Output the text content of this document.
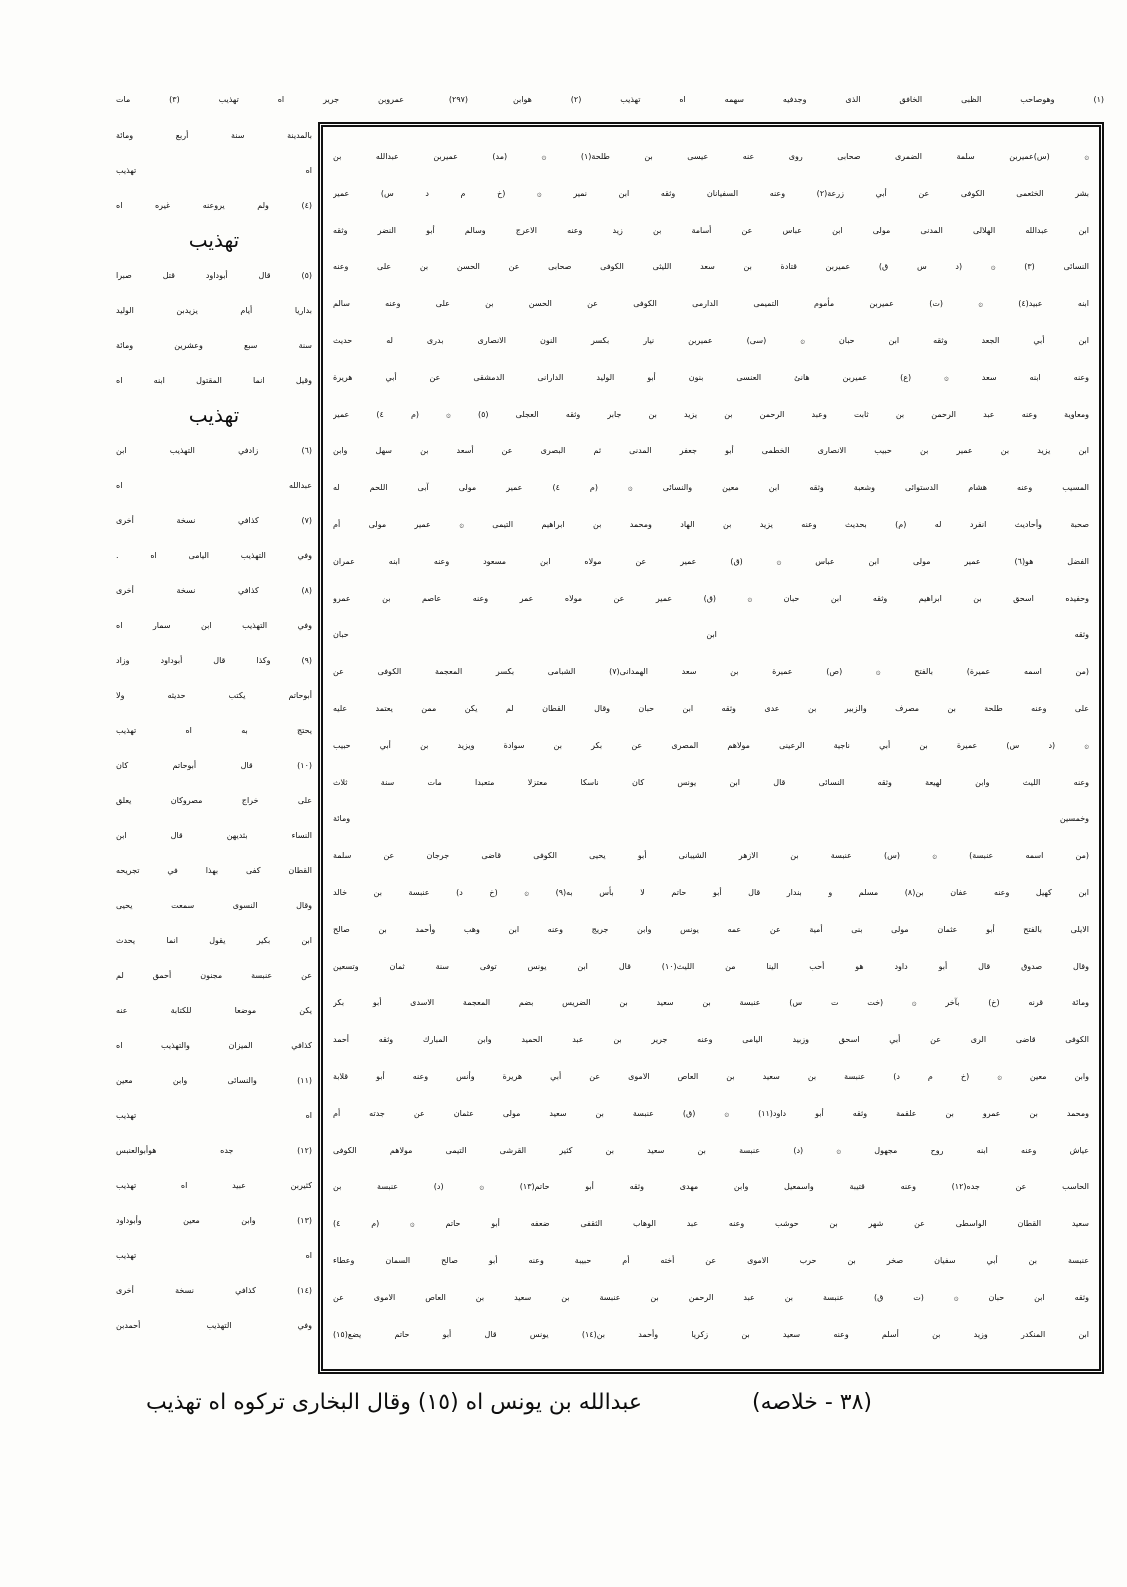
(١) وهوصاحب الظبى الخافق الذى وجدفيه سهمه اه تهذيب (٢) هوابن (٢٩٧) عمروبن جرير اه تهذيب (٣) مات
۞ (س)عميربن سلمة الضمرى صحابى روى عنه عيسى بن طلحة(١) ۞ (مد) عميربن عبدالله بن
بشر الخثعمى الكوفى عن أبي زرعة(٢) وعنه السفيانان وثقه ابن نمير ۞ (خ م د س) عمير
ابن عبدالله الهلالى المدنى مولى ابن عباس عن أسامة بن زيد وعنه الاعرج وسالم أبو النضر وثقه
النسائى (٣) ۞ (د س ق) عميربن قتادة بن سعد الليثى الكوفى صحابى عن الحسن بن على وعنه
ابنه عبيد(٤) ۞ (ت) عميربن مأموم التميمى الدارمى الكوفى عن الحسن بن على وعنه سالم
ابن أبي الجعد وثقه ابن حبان ۞ (سى) عميربن نيار بكسر النون الانصارى بدرى له حديث
وعنه ابنه سعد ۞ (ع) عميربن هانئ العنسى بنون أبو الوليد الدارانى الدمشقى عن أبي هريرة
ومعاوية وعنه عبد الرحمن بن ثابت وعبد الرحمن بن يزيد بن جابر وثقه العجلى (٥) ۞ (م ٤) عمير
ابن يزيد بن عمير بن حبيب الانصارى الخطمى أبو جعفر المدنى ثم البصرى عن أسعد بن سهل وابن
المسيب وعنه هشام الدستوائى وشعبة وثقه ابن معين والنسائى ۞ (م ٤) عمير مولى آبى اللحم له
صحبة وأحاديث انفرد له (م) بحديث وعنه يزيد بن الهاد ومحمد بن ابراهيم التيمى ۞ عمير مولى أم
الفضل هو(٦) عمير مولى ابن عباس ۞ (ق) عمير عن مولاه ابن مسعود وعنه ابنه عمران
وحفيده اسحق بن ابراهيم وثقه ابن حبان ۞ (ق) عمير عن مولاه عمر وعنه عاصم بن عمرو
وثقه ابن حبان
(من اسمه عميرة) بالفتح ۞ (ص) عميرة بن سعد الهمدانى(٧) الشبامى بكسر المعجمة الكوفى عن
على وعنه طلحة بن مصرف والزبير بن عدى وثقه ابن حبان وقال القطان لم يكن ممن يعتمد عليه
۞ (د س) عميرة بن أبي ناجية الرعينى مولاهم المصرى عن بكر بن سوادة ويزيد بن أبي حبيب
وعنه الليث وابن لهيعة وثقه النسائى قال ابن يونس كان ناسكا معتزلا متعبدا مات سنة ثلاث
وخمسين ومائة
(من اسمه عنبسة) ۞ (س) عنبسة بن الازهر الشيبانى أبو يحيى الكوفى قاضى جرجان عن سلمة
ابن كهيل وعنه عفان بن(٨) مسلم و بندار قال أبو حاتم لا بأس به(٩) ۞ (خ د) عنبسة بن خالد
الايلى بالفتح أبو عثمان مولى بنى أمية عن عمه يونس وابن جريج وعنه ابن وهب وأحمد بن صالح
وقال صدوق قال أبو داود هو أحب الينا من الليث(١٠) قال ابن يونس توفى سنة ثمان وتسعين
ومائة قرنه (خ) بآخر ۞ (خت ت س) عنبسة بن سعيد بن الضريس بضم المعجمة الاسدى أبو بكر
الكوفى قاضى الرى عن أبي اسحق وزبيد اليامى وعنه جرير بن عبد الحميد وابن المبارك وثقه أحمد
وابن معين ۞ (خ م د) عنبسة بن سعيد بن العاص الاموى عن أبي هريرة وأنس وعنه أبو قلابة
ومحمد بن عمرو بن علقمة وثقه أبو داود(١١) ۞ (ق) عنبسة بن سعيد مولى عثمان عن جدته أم
عياش وعنه ابنه روح مجهول ۞ (د) عنبسة بن سعيد بن كثير القرشى التيمى مولاهم الكوفى
الحاسب عن جده(١٢) وعنه قتيبة واسمعيل وابن مهدى وثقه أبو حاتم(١٣) ۞ (د) عنبسة بن
سعيد القطان الواسطى عن شهر بن حوشب وعنه عبد الوهاب الثقفى ضعفه أبو حاتم ۞ (م ٤)
عنبسة بن أبي سفيان صخر بن حرب الاموى عن أخته أم حبيبة وعنه أبو صالح السمان وعطاء
وثقه ابن حبان ۞ (ت ق) عنبسة بن عبد الرحمن بن عنبسة بن سعيد بن العاص الاموى عن
ابن المنكدر وزيد بن أسلم وعنه سعيد بن زكريا وأحمد بن(١٤) يونس قال أبو حاتم يضع(١٥)
بالمدينة سنة أربع ومائة
اه تهذيب
(٤) ولم يروعنه غيره اه
تهذيب
(٥) قال أبوداود قتل صبرا
بداريا أيام يزيدبن الوليد
سنة سبع وعشرين ومائة
وقيل انما المقتول ابنه اه
تهذيب
(٦) زادفي التهذيب ابن
عبدالله اه
(٧) كذافي نسخة أخرى
وفي التهذيب اليامى اه .
(٨) كذافي نسخة أخرى
وفي التهذيب ابن سمار اه
(٩) وكذا قال أبوداود وزاد
أبوحاتم يكتب حديثه ولا
يحتج به اه تهذيب
(١٠) قال أبوحاتم كان
على خراج مصروكان يعلق
النساء بثديهن قال ابن
القطان كفى بهذا في تجريحه
وقال النسوى سمعت يحيى
ابن بكير يقول انما يحدث
عن عنبسة مجنون أحمق لم
يكن موضعا للكتابة عنه
كذافي الميزان والتهذيب اه
(١١) والنسائى وابن معين
اه تهذيب
(١٢) جده هوأبوالعنبس
كثيربن عبيد اه تهذيب
(١٣) وابن معين وأبوداود
اه تهذيب
(١٤) كذافي نسخة أخرى
وفي التهذيب أحمدبن
(٣٨ - خلاصه)
عبدالله بن يونس اه (١٥) وقال البخارى تركوه اه تهذيب
